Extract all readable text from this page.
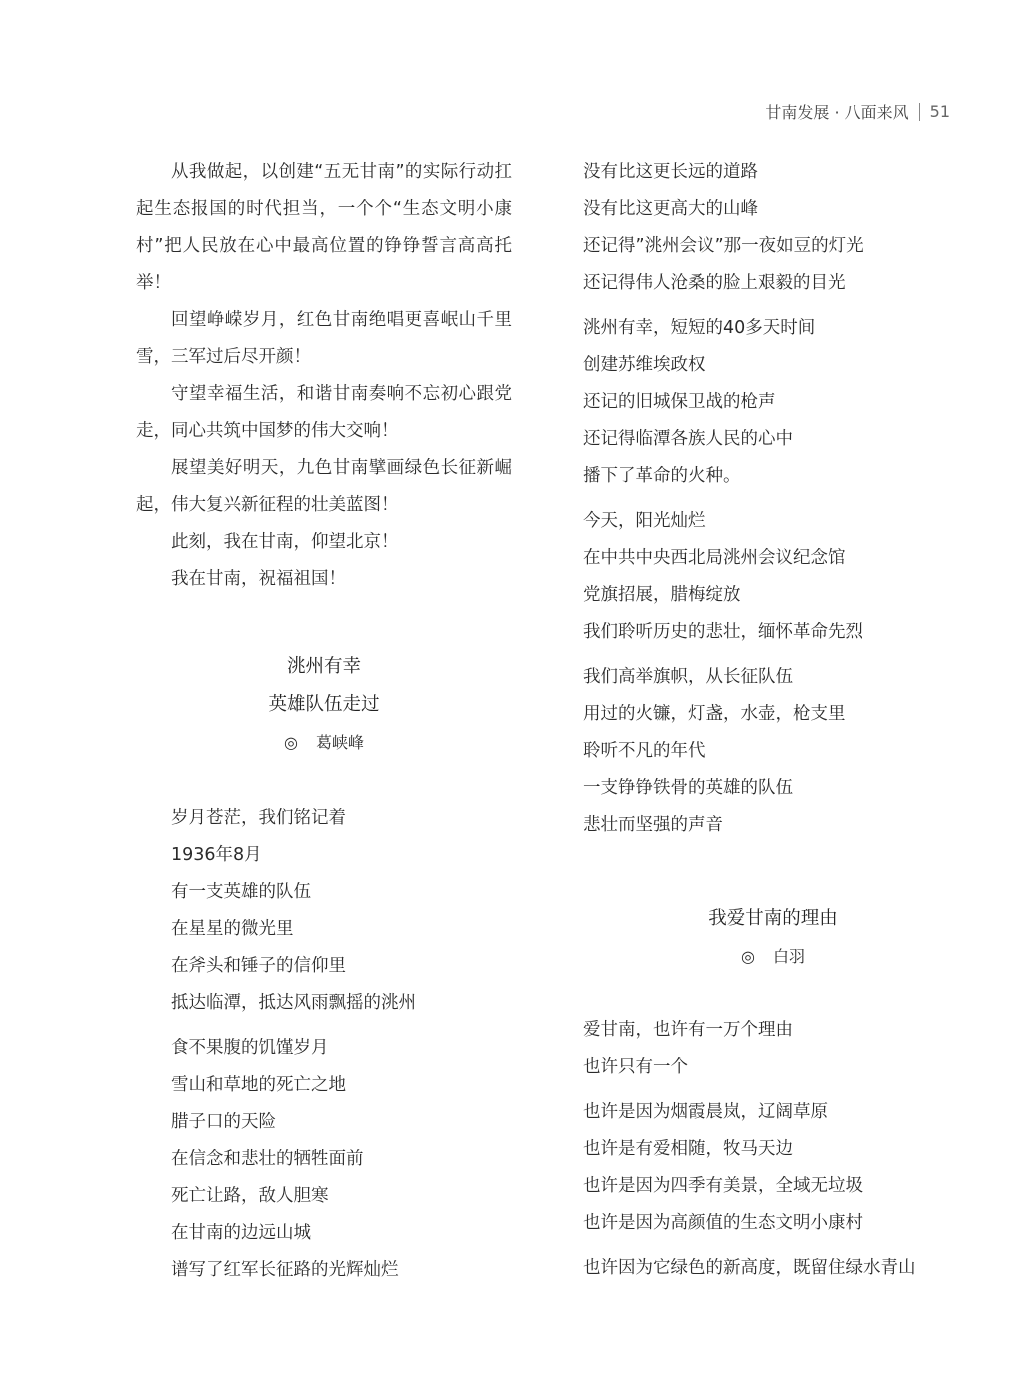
甘南发展 · 八面来风 51

从我做起，以创建“五无甘南”的实际行动扛起生态报国的时代担当，一个个“生态文明小康村”把人民放在心中最高位置的铮铮誓言高高托举！

回望峥嵘岁月，红色甘南绝唱更喜岷山千里雪，三军过后尽开颜！

守望幸福生活，和谐甘南奏响不忘初心跟党走，同心共筑中国梦的伟大交响！

展望美好明天，九色甘南擘画绿色长征新崛起，伟大复兴新征程的壮美蓝图！

此刻，我在甘南，仰望北京！

我在甘南，祝福祖国！

洮州有幸
英雄队伍走过
◎ 葛峡峰
岁月苍茫，我们铭记着
1936年8月
有一支英雄的队伍
在星星的微光里
在斧头和锤子的信仰里
抵达临潭，抵达风雨飘摇的洮州
食不果腹的饥馑岁月
雪山和草地的死亡之地
腊子口的天险
在信念和悲壮的牺牲面前
死亡让路，敌人胆寒
在甘南的边远山城
谱写了红军长征路的光辉灿烂
没有比这更长远的道路
没有比这更高大的山峰
还记得”洮州会议”那一夜如豆的灯光
还记得伟人沧桑的脸上艰毅的目光
洮州有幸，短短的40多天时间
创建苏维埃政权
还记的旧城保卫战的枪声
还记得临潭各族人民的心中
播下了革命的火种。
今天，阳光灿烂
在中共中央西北局洮州会议纪念馆
党旗招展，腊梅绽放
我们聆听历史的悲壮，缅怀革命先烈
我们高举旗帜，从长征队伍
用过的火镰，灯盏，水壶，枪支里
聆听不凡的年代
一支铮铮铁骨的英雄的队伍
悲壮而坚强的声音
我爱甘南的理由
◎ 白羽
爱甘南，也许有一万个理由
也许只有一个
也许是因为烟霞晨岚，辽阔草原
也许是有爱相随，牧马天边
也许是因为四季有美景，全域无垃圾
也许是因为高颜值的生态文明小康村
也许因为它绿色的新高度，既留住绿水青山
